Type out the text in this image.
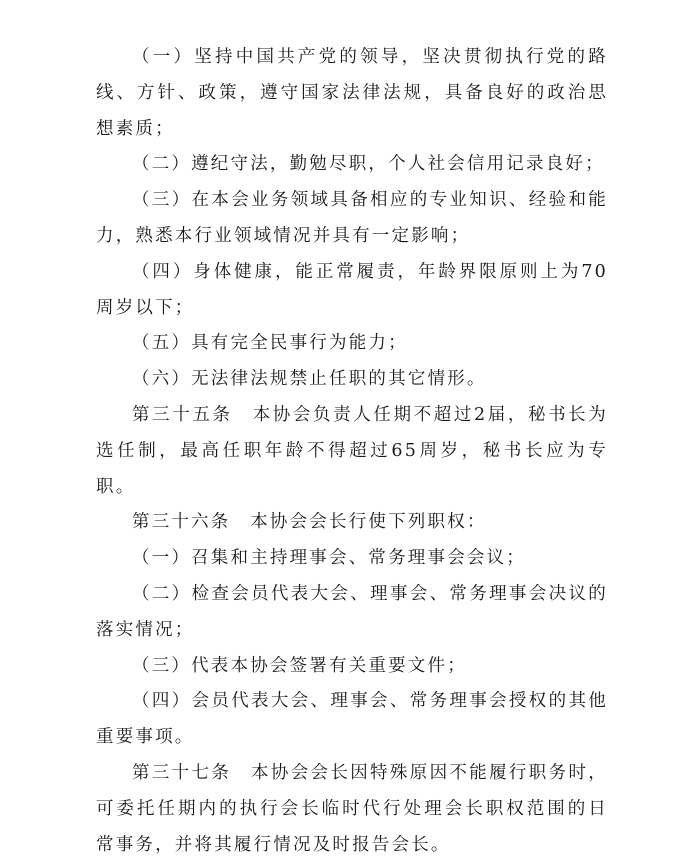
（一）坚持中国共产党的领导，坚决贯彻执行党的路线、方针、政策，遵守国家法律法规，具备良好的政治思想素质；

（二）遵纪守法，勤勉尽职，个人社会信用记录良好；

（三）在本会业务领域具备相应的专业知识、经验和能力，熟悉本行业领域情况并具有一定影响；

（四）身体健康，能正常履责，年龄界限原则上为70周岁以下；

（五）具有完全民事行为能力；

（六）无法律法规禁止任职的其它情形。

第三十五条　本协会负责人任期不超过2届，秘书长为选任制，最高任职年龄不得超过65周岁，秘书长应为专职。

第三十六条　本协会会长行使下列职权：

（一）召集和主持理事会、常务理事会会议；

（二）检查会员代表大会、理事会、常务理事会决议的落实情况；

（三）代表本协会签署有关重要文件；

（四）会员代表大会、理事会、常务理事会授权的其他重要事项。

第三十七条　本协会会长因特殊原因不能履行职务时，可委托任期内的执行会长临时代行处理会长职权范围的日常事务，并将其履行情况及时报告会长。
